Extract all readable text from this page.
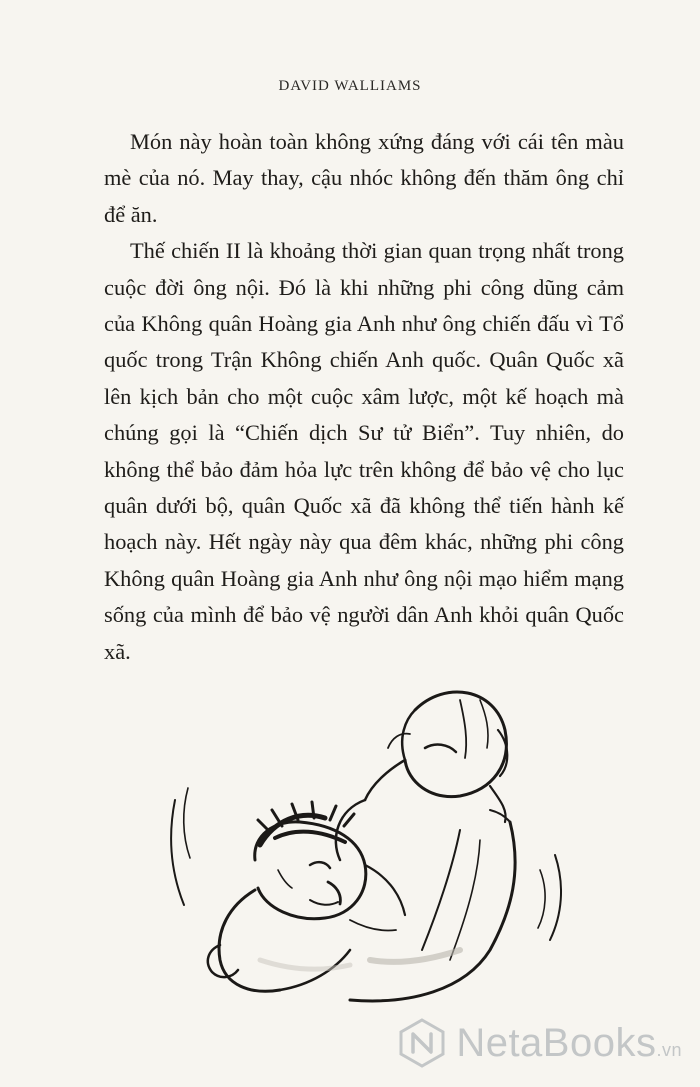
DAVID WALLIAMS

Món này hoàn toàn không xứng đáng với cái tên màu mè của nó. May thay, cậu nhóc không đến thăm ông chỉ để ăn.

Thế chiến II là khoảng thời gian quan trọng nhất trong cuộc đời ông nội. Đó là khi những phi công dũng cảm của Không quân Hoàng gia Anh như ông chiến đấu vì Tổ quốc trong Trận Không chiến Anh quốc. Quân Quốc xã lên kịch bản cho một cuộc xâm lược, một kế hoạch mà chúng gọi là “Chiến dịch Sư tử Biển”. Tuy nhiên, do không thể bảo đảm hỏa lực trên không để bảo vệ cho lục quân dưới bộ, quân Quốc xã đã không thể tiến hành kế hoạch này. Hết ngày này qua đêm khác, những phi công Không quân Hoàng gia Anh như ông nội mạo hiểm mạng sống của mình để bảo vệ người dân Anh khỏi quân Quốc xã.

NetaBooks.vn
